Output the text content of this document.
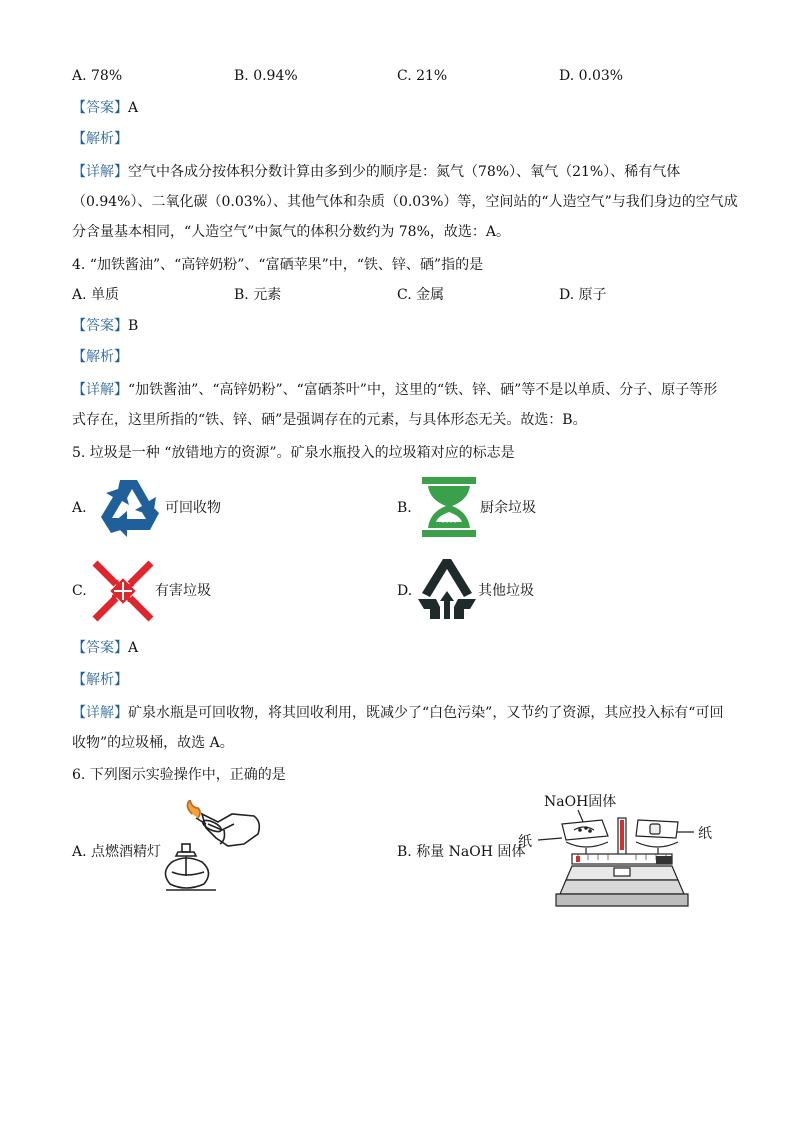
A. 78%	B. 0.94%	C. 21%	D. 0.03%
【答案】A
【解析】
【详解】空气中各成分按体积分数计算由多到少的顺序是：氮气（78%）、氧气（21%）、稀有气体
（0.94%）、二氧化碳（0.03%）、其他气体和杂质（0.03%）等，空间站的“人造空气”与我们身边的空气成
分含量基本相同，“人造空气”中氮气的体积分数约为 78%，故选：A。
4. “加铁酱油”、“高锌奶粉”、“富硒苹果”中，“铁、锌、硒”指的是
A. 单质	B. 元素	C. 金属	D. 原子
【答案】B
【解析】
【详解】“加铁酱油”、“高锌奶粉”、“富硒茶叶”中，这里的“铁、锌、硒”等不是以单质、分子、原子等形
式存在，这里所指的“铁、锌、硒”是强调存在的元素，与具体形态无关。故选：B。
5. 垃圾是一种 “放错地方的资源”。矿泉水瓶投入的垃圾箱对应的标志是
A.	可回收物	B.	厨余垃圾
C.	有害垃圾	D.	其他垃圾
【答案】A
【解析】
【详解】矿泉水瓶是可回收物，将其回收利用，既减少了“白色污染”，又节约了资源，其应投入标有“可回
收物”的垃圾桶，故选 A。
6. 下列图示实验操作中，正确的是
A. 点燃酒精灯	B. 称量 NaOH 固体
NaOH固体
纸	纸
